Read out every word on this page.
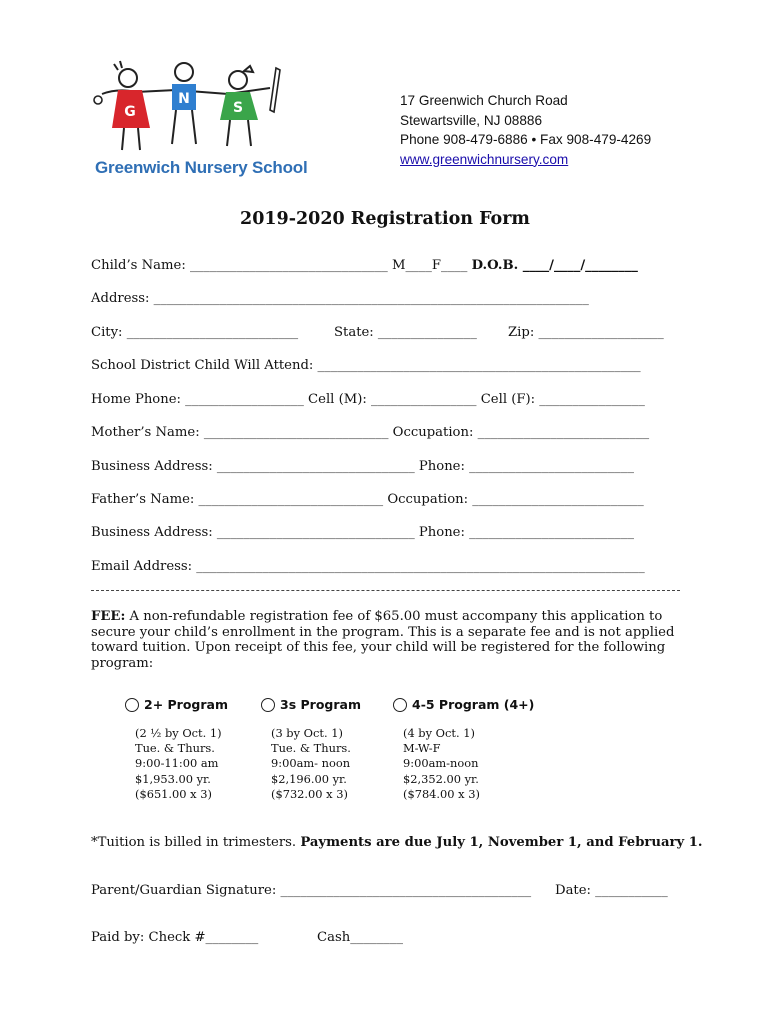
G
N
S
Greenwich Nursery School
17 Greenwich Church Road
Stewartsville, NJ 08886
Phone 908-479-6886 • Fax 908-479-4269
www.greenwichnursery.com
2019-2020 Registration Form
Child’s Name: ______________________________ M____F____ D.O.B. ____/____/________
Address: __________________________________________________________________
City: __________________________	State: _______________ Zip: ___________________
School District Child Will Attend: _________________________________________________
Home Phone: __________________ Cell (M): ________________ Cell (F): ________________
Mother’s Name: ____________________________ Occupation: __________________________
Business Address: ______________________________ Phone: _________________________
Father’s Name: ____________________________ Occupation: __________________________
Business Address: ______________________________ Phone: _________________________
Email Address: ____________________________________________________________________
FEE: A non-refundable registration fee of $65.00 must accompany this application to secure your child’s enrollment in the program. This is a separate fee and is not applied toward tuition. Upon receipt of this fee, your child will be registered for the following program:
2+ Program
(2 ½ by Oct. 1)
Tue. & Thurs.
9:00-11:00 am
$1,953.00 yr.
($651.00 x 3)
3s Program
(3 by Oct. 1)
Tue. & Thurs.
9:00am- noon
$2,196.00 yr.
($732.00 x 3)
4-5 Program (4+)
(4 by Oct. 1)
M-W-F
9:00am-noon
$2,352.00 yr.
($784.00 x 3)
*Tuition is billed in trimesters. Payments are due July 1, November 1, and February 1.
Parent/Guardian Signature: ______________________________________ Date: ___________
Paid by: Check #________	Cash________
